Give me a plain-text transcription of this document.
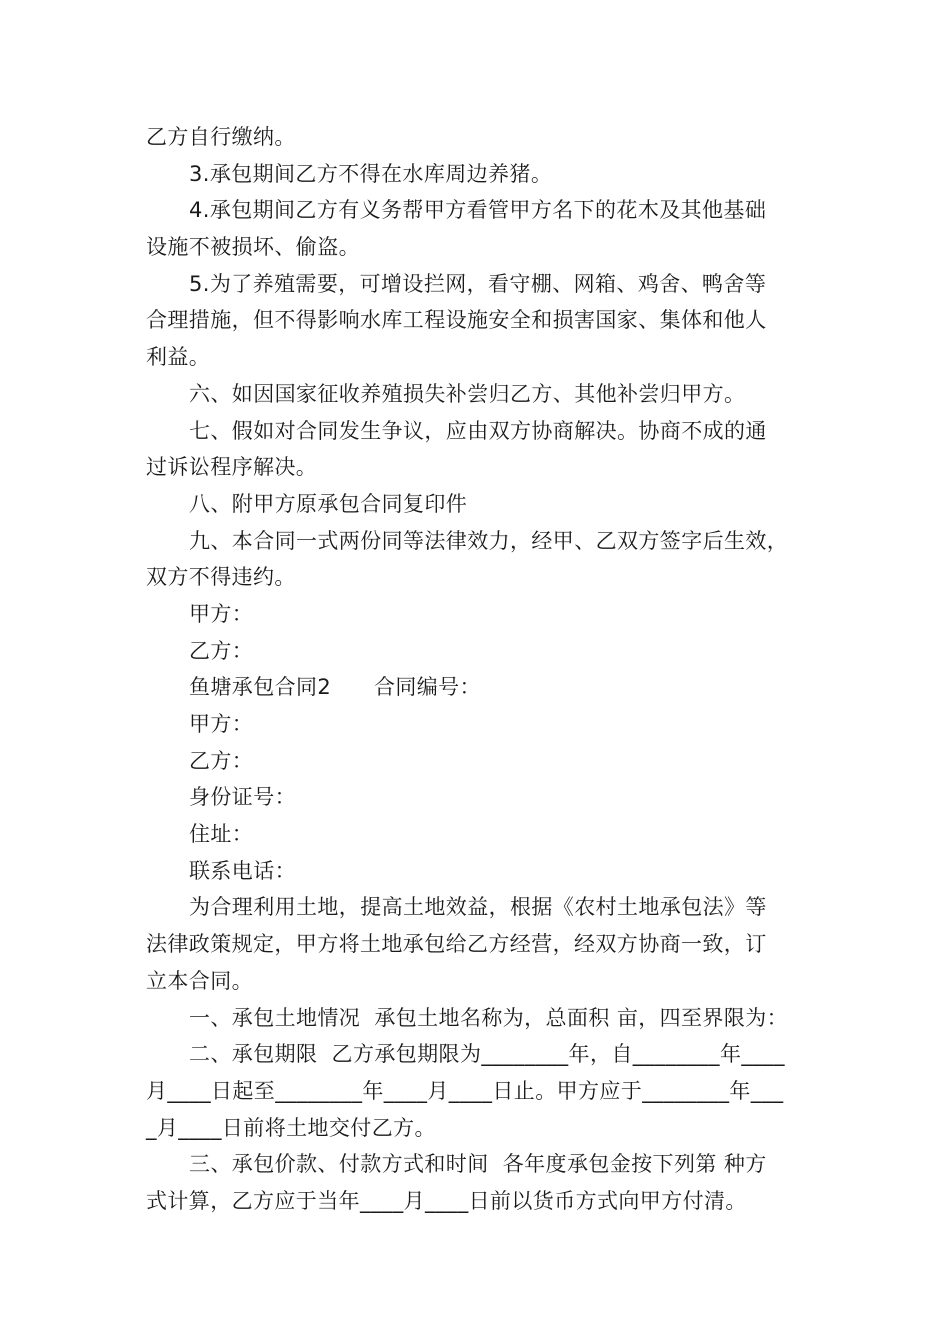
乙方自行缴纳。
3.承包期间乙方不得在水库周边养猪。
4.承包期间乙方有义务帮甲方看管甲方名下的花木及其他基础
设施不被损坏、偷盗。
5.为了养殖需要，可增设拦网，看守棚、网箱、鸡舍、鸭舍等
合理措施，但不得影响水库工程设施安全和损害国家、集体和他人
利益。
六、如因国家征收养殖损失补尝归乙方、其他补尝归甲方。
七、假如对合同发生争议，应由双方协商解决。协商不成的通
过诉讼程序解决。
八、附甲方原承包合同复印件
九、本合同一式两份同等法律效力，经甲、乙双方签字后生效，
双方不得违约。
甲方：
乙方：
鱼塘承包合同2　　合同编号：
甲方：
乙方：
身份证号：
住址：
联系电话：
为合理利用土地，提高土地效益，根据《农村土地承包法》等
法律政策规定，甲方将土地承包给乙方经营，经双方协商一致，订
立本合同。
一、承包土地情况  承包土地名称为，总面积 亩，四至界限为：
二、承包期限  乙方承包期限为________年，自________年____
月____日起至________年____月____日止。甲方应于________年___
_月____日前将土地交付乙方。
三、承包价款、付款方式和时间  各年度承包金按下列第 种方
式计算，乙方应于当年____月____日前以货币方式向甲方付清。
